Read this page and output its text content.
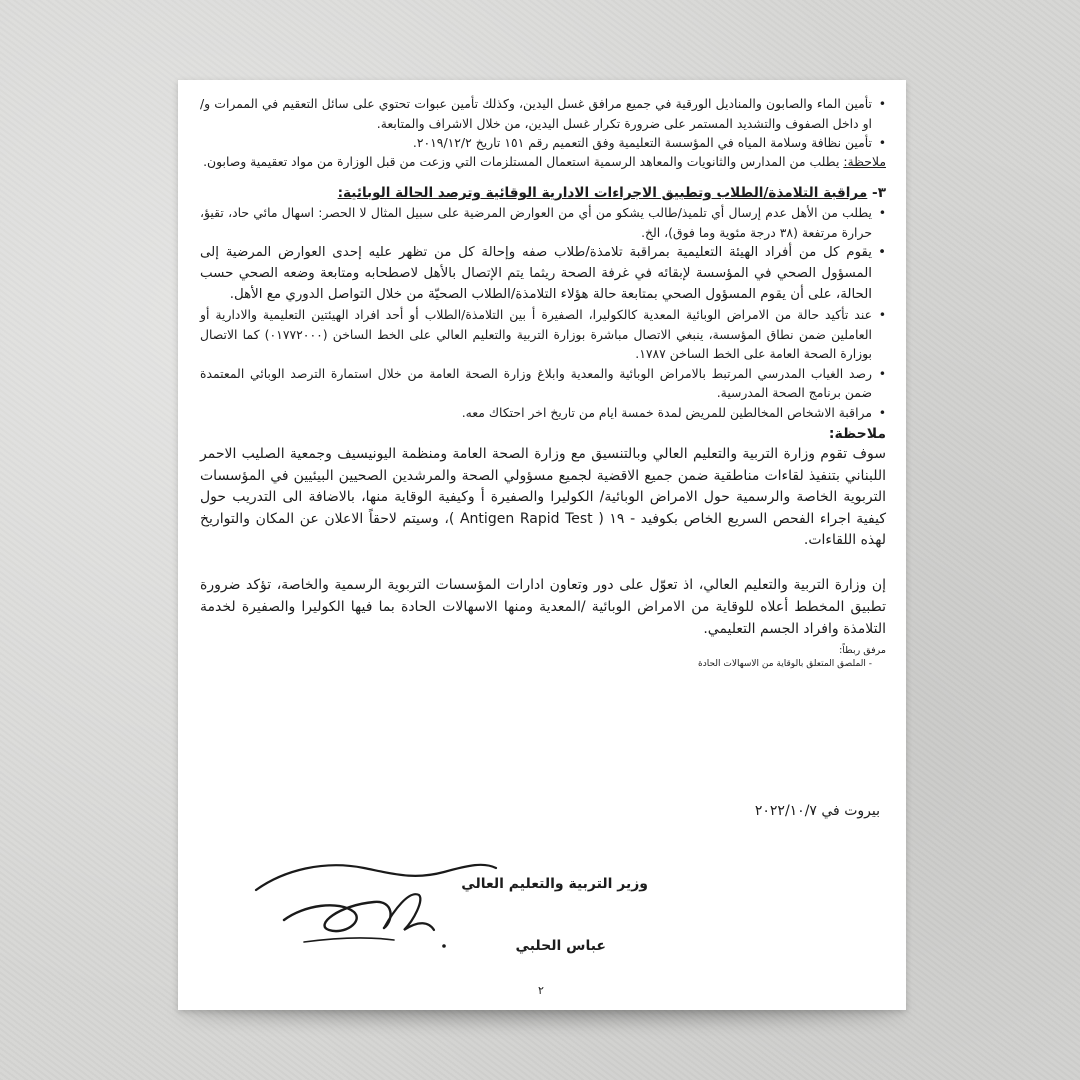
• تأمين الماء والصابون والمناديل الورقية في جميع مرافق غسل اليدين، وكذلك تأمين عبوات تحتوي على سائل التعقيم في الممرات و/او داخل الصفوف والتشديد المستمر على ضرورة تكرار غسل اليدين، من خلال الاشراف والمتابعة.
• تأمين نظافة وسلامة المياه في المؤسسة التعليمية وفق التعميم رقم ١٥١ تاريخ ٢٠١٩/١٢/٢.
ملاحظة: يطلب من المدارس والثانويات والمعاهد الرسمية استعمال المستلزمات التي وزعت من قبل الوزارة من مواد تعقيمية وصابون.
٣- مراقبة التلامذة/الطلاب وتطبيق الاجراءات الادارية الوقائية وترصد الحالة الوبائية:
• يطلب من الأهل عدم إرسال أي تلميذ/طالب يشكو من أي من العوارض المرضية على سبيل المثال لا الحصر: اسهال مائي حاد، تقيؤ، حرارة مرتفعة (٣٨ درجة مئوية وما فوق)، الخ.
• يقوم كل من أفراد الهيئة التعليمية بمراقبة تلامذة/طلاب صفه وإحالة كل من تظهر عليه إحدى العوارض المرضية إلى المسؤول الصحي في المؤسسة لإبقائه في غرفة الصحة ريثما يتم الإتصال بالأهل لاصطحابه ومتابعة وضعه الصحي حسب الحالة، على أن يقوم المسؤول الصحي بمتابعة حالة هؤلاء التلامذة/الطلاب الصحيّة من خلال التواصل الدوري مع الأهل.
• عند تأكيد حالة من الامراض الوبائية المعدية كالكوليرا، الصفيرة أ بين التلامذة/الطلاب أو أحد افراد الهيئتين التعليمية والادارية أو العاملين ضمن نطاق المؤسسة، ينبغي الاتصال مباشرة بوزارة التربية والتعليم العالي على الخط الساخن (٠١٧٧٢٠٠٠) كما الاتصال بوزارة الصحة العامة على الخط الساخن ١٧٨٧.
• رصد الغياب المدرسي المرتبط بالامراض الوبائية والمعدية وابلاغ وزارة الصحة العامة من خلال استمارة الترصد الوبائي المعتمدة ضمن برنامج الصحة المدرسية.
• مراقبة الاشخاص المخالطين للمريض لمدة خمسة ايام من تاريخ اخر احتكاك معه.
ملاحظة:
سوف تقوم وزارة التربية والتعليم العالي وبالتنسيق مع وزارة الصحة العامة ومنظمة اليونيسيف وجمعية الصليب الاحمر اللبناني بتنفيذ لقاءات مناطقية ضمن جميع الاقضية لجميع مسؤولي الصحة والمرشدين الصحيين البيئيين في المؤسسات التربوية الخاصة والرسمية حول الامراض الوبائية/ الكوليرا والصفيرة أ وكيفية الوقاية منها، بالاضافة الى التدريب حول كيفية اجراء الفحص السريع الخاص بكوفيد - ١٩ ( Antigen Rapid Test )، وسيتم لاحقاً الاعلان عن المكان والتواريخ لهذه اللقاءات.
إن وزارة التربية والتعليم العالي، اذ تعوّل على دور وتعاون ادارات المؤسسات التربوية الرسمية والخاصة، تؤكد ضرورة تطبيق المخطط أعلاه للوقاية من الامراض الوبائية /المعدية ومنها الاسهالات الحادة بما فيها الكوليرا والصفيرة لخدمة التلامذة وافراد الجسم التعليمي.
مرفق ربطاً:
- الملصق المتعلق بالوقاية من الاسهالات الحادة
بيروت في ٢٠٢٢/١٠/٧
وزير التربية والتعليم العالي
عباس الحلبي
٢
